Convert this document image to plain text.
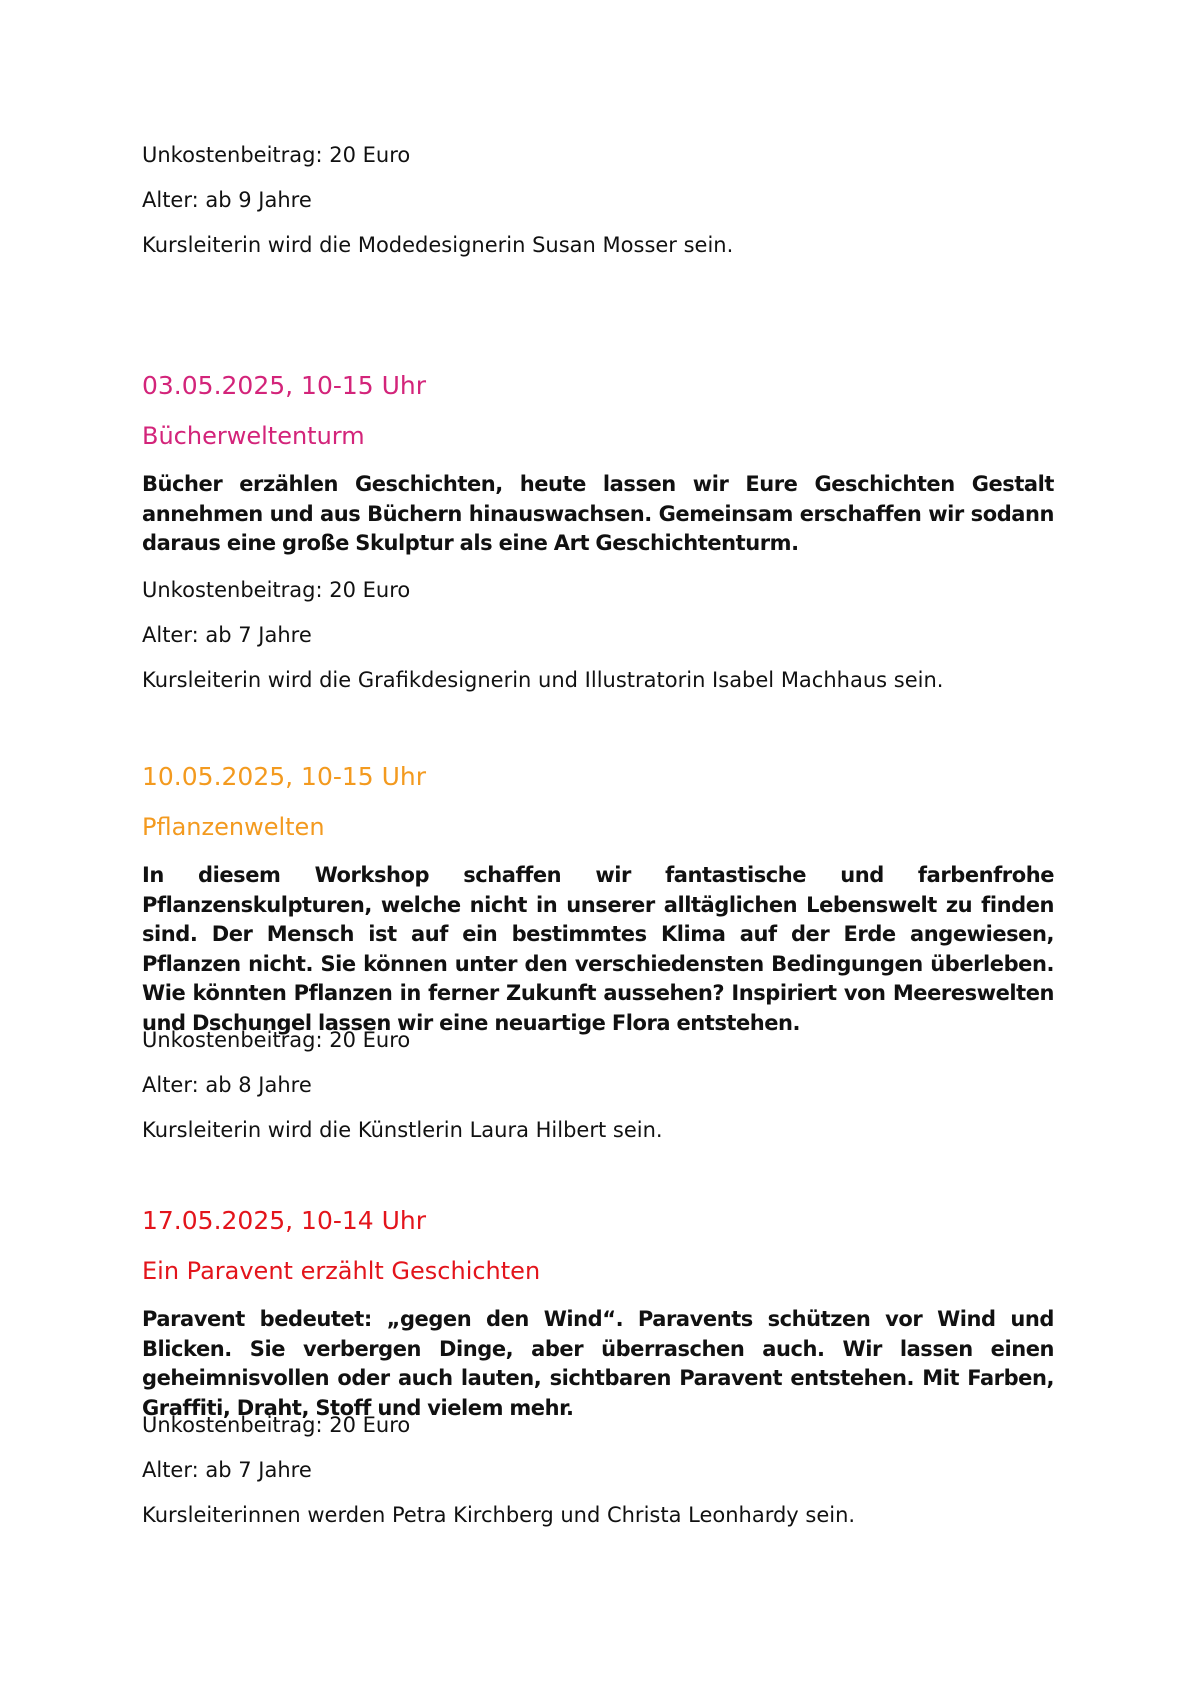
Unkostenbeitrag: 20 Euro

Alter: ab 9 Jahre

Kursleiterin wird die Modedesignerin Susan Mosser sein.

03.05.2025, 10-15 Uhr

Bücherweltenturm

Bücher erzählen Geschichten, heute lassen wir Eure Geschichten Gestalt annehmen und aus Büchern hinauswachsen. Gemeinsam erschaffen wir sodann daraus eine große Skulptur als eine Art Geschichtenturm.

Unkostenbeitrag: 20 Euro

Alter: ab 7 Jahre

Kursleiterin wird die Grafikdesignerin und Illustratorin Isabel Machhaus sein.

10.05.2025, 10-15 Uhr

Pflanzenwelten

In diesem Workshop schaffen wir fantastische und farbenfrohe Pflanzenskulpturen, welche nicht in unserer alltäglichen Lebenswelt zu finden sind. Der Mensch ist auf ein bestimmtes Klima auf der Erde angewiesen, Pflanzen nicht. Sie können unter den verschiedensten Bedingungen überleben. Wie könnten Pflanzen in ferner Zukunft aussehen? Inspiriert von Meereswelten und Dschungel lassen wir eine neuartige Flora entstehen.

Unkostenbeitrag: 20 Euro

Alter: ab 8 Jahre

Kursleiterin wird die Künstlerin Laura Hilbert sein.

17.05.2025, 10-14 Uhr

Ein Paravent erzählt Geschichten

Paravent bedeutet: „gegen den Wind“. Paravents schützen vor Wind und Blicken. Sie verbergen Dinge, aber überraschen auch. Wir lassen einen geheimnisvollen oder auch lauten, sichtbaren Paravent entstehen. Mit Farben, Graffiti, Draht, Stoff und vielem mehr.

Unkostenbeitrag: 20 Euro

Alter: ab 7 Jahre

Kursleiterinnen werden Petra Kirchberg und Christa Leonhardy sein.
